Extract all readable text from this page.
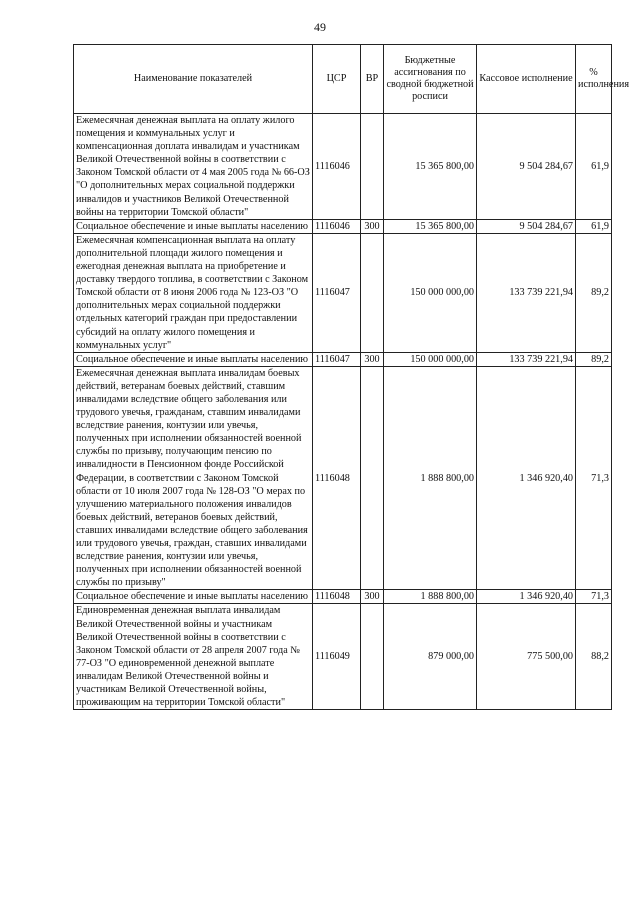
49
Наименование показателей	ЦСР	ВР	Бюджетные ассигнования по сводной бюджетной росписи	Кассовое исполнение	% исполнения
Ежемесячная денежная выплата на оплату жилого помещения и коммунальных услуг и компенсационная доплата инвалидам и участникам Великой Отечественной войны в соответствии с Законом Томской области от 4 мая 2005 года № 66-ОЗ "О дополнительных мерах социальной поддержки инвалидов и участников Великой Отечественной войны на территории Томской области"	1116046		15 365 800,00	9 504 284,67	61,9
Социальное обеспечение и иные выплаты населению	1116046	300	15 365 800,00	9 504 284,67	61,9
Ежемесячная компенсационная выплата на оплату дополнительной площади жилого помещения и ежегодная денежная выплата на приобретение и доставку твердого топлива, в соответствии с Законом Томской области от 8 июня 2006 года № 123-ОЗ "О дополнительных мерах социальной поддержки отдельных категорий граждан при предоставлении субсидий на оплату жилого помещения и коммунальных услуг"	1116047		150 000 000,00	133 739 221,94	89,2
Социальное обеспечение и иные выплаты населению	1116047	300	150 000 000,00	133 739 221,94	89,2
Ежемесячная денежная выплата инвалидам боевых действий, ветеранам боевых действий, ставшим инвалидами вследствие общего заболевания или трудового увечья, гражданам, ставшим инвалидами вследствие ранения, контузии или увечья, полученных при исполнении обязанностей военной службы по призыву, получающим пенсию по инвалидности в Пенсионном фонде Российской Федерации, в соответствии с Законом Томской области от 10 июля 2007 года № 128-ОЗ "О мерах по улучшению материального положения инвалидов боевых действий, ветеранов боевых действий, ставших инвалидами вследствие общего заболевания или трудового увечья, граждан, ставших инвалидами вследствие ранения, контузии или увечья, полученных при исполнении обязанностей военной службы по призыву"	1116048		1 888 800,00	1 346 920,40	71,3
Социальное обеспечение и иные выплаты населению	1116048	300	1 888 800,00	1 346 920,40	71,3
Единовременная денежная выплата инвалидам Великой Отечественной войны и участникам Великой Отечественной войны в соответствии с Законом Томской области от 28 апреля 2007 года № 77-ОЗ "О единовременной денежной выплате инвалидам Великой Отечественной войны и участникам Великой Отечественной войны, проживающим на территории Томской области"	1116049		879 000,00	775 500,00	88,2
